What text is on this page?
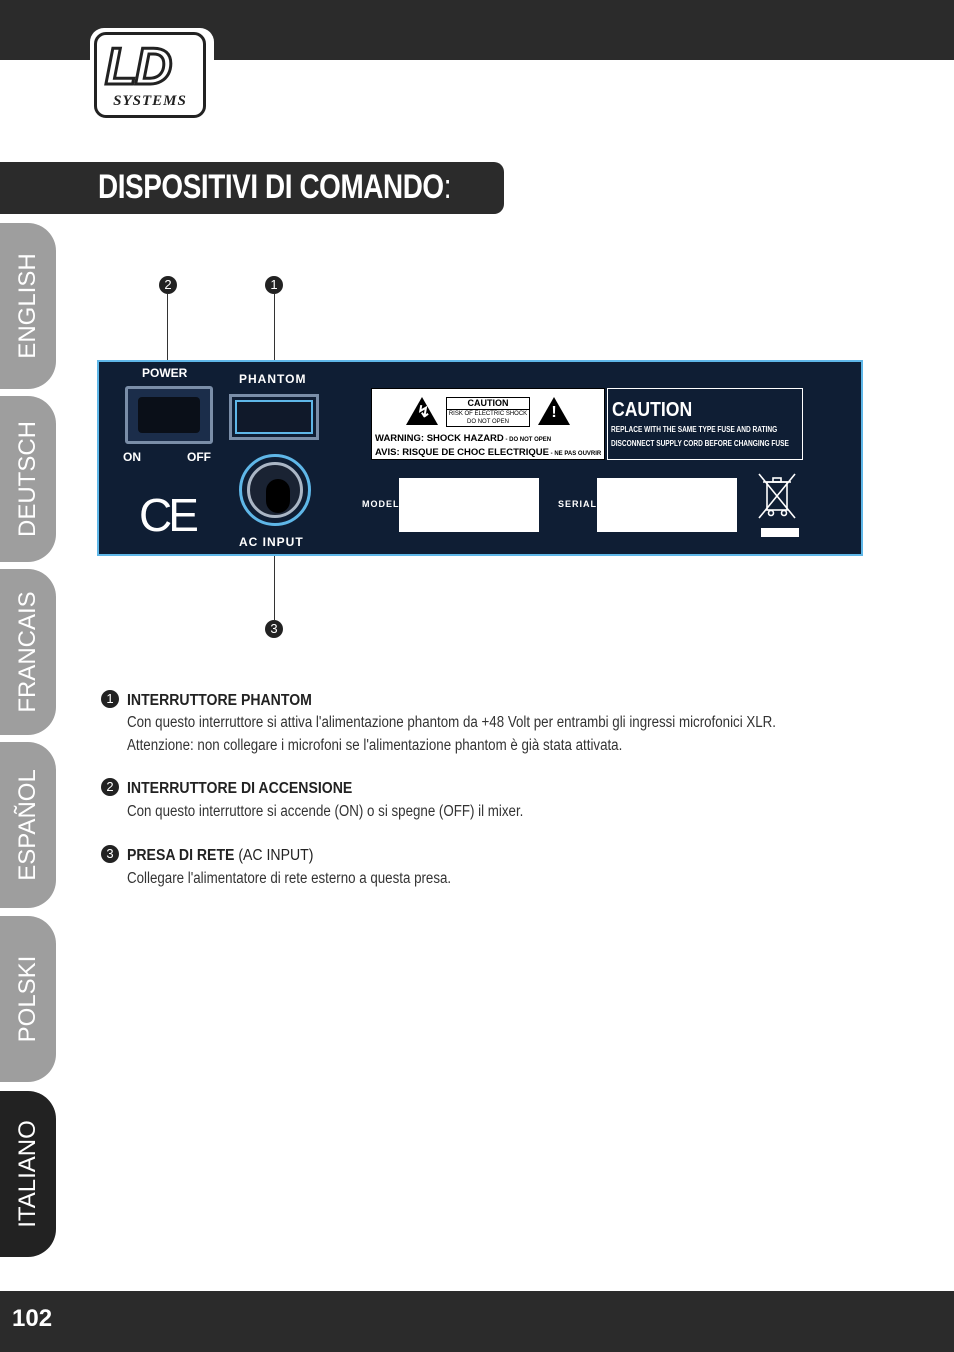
LD
SYSTEMS
DISPOSITIVI DI COMANDO:
ENGLISH
DEUTSCH
FRANCAIS
ESPAÑOL
POLSKI
ITALIANO
2	1
3
POWER
ON	OFF
PHANTOM
AC INPUT
CE
↯
CAUTION
RISK OF ELECTRIC SHOCK
DO NOT OPEN
!
WARNING: SHOCK HAZARD - DO NOT OPEN
AVIS: RISQUE DE CHOC ELECTRIQUE - NE PAS OUVRIR
CAUTION
REPLACE WITH THE SAME TYPE FUSE AND RATING
DISCONNECT SUPPLY CORD BEFORE CHANGING FUSE
MODEL	SERIAL
1 INTERRUTTORE PHANTOM
Con questo interruttore si attiva l'alimentazione phantom da +48 Volt per entrambi gli ingressi microfonici XLR.
Attenzione: non collegare i microfoni se l'alimentazione phantom è già stata attivata.
2 INTERRUTTORE DI ACCENSIONE
Con questo interruttore si accende (ON) o si spegne (OFF) il mixer.
3 PRESA DI RETE (AC INPUT)
Collegare l'alimentatore di rete esterno a questa presa.
102
